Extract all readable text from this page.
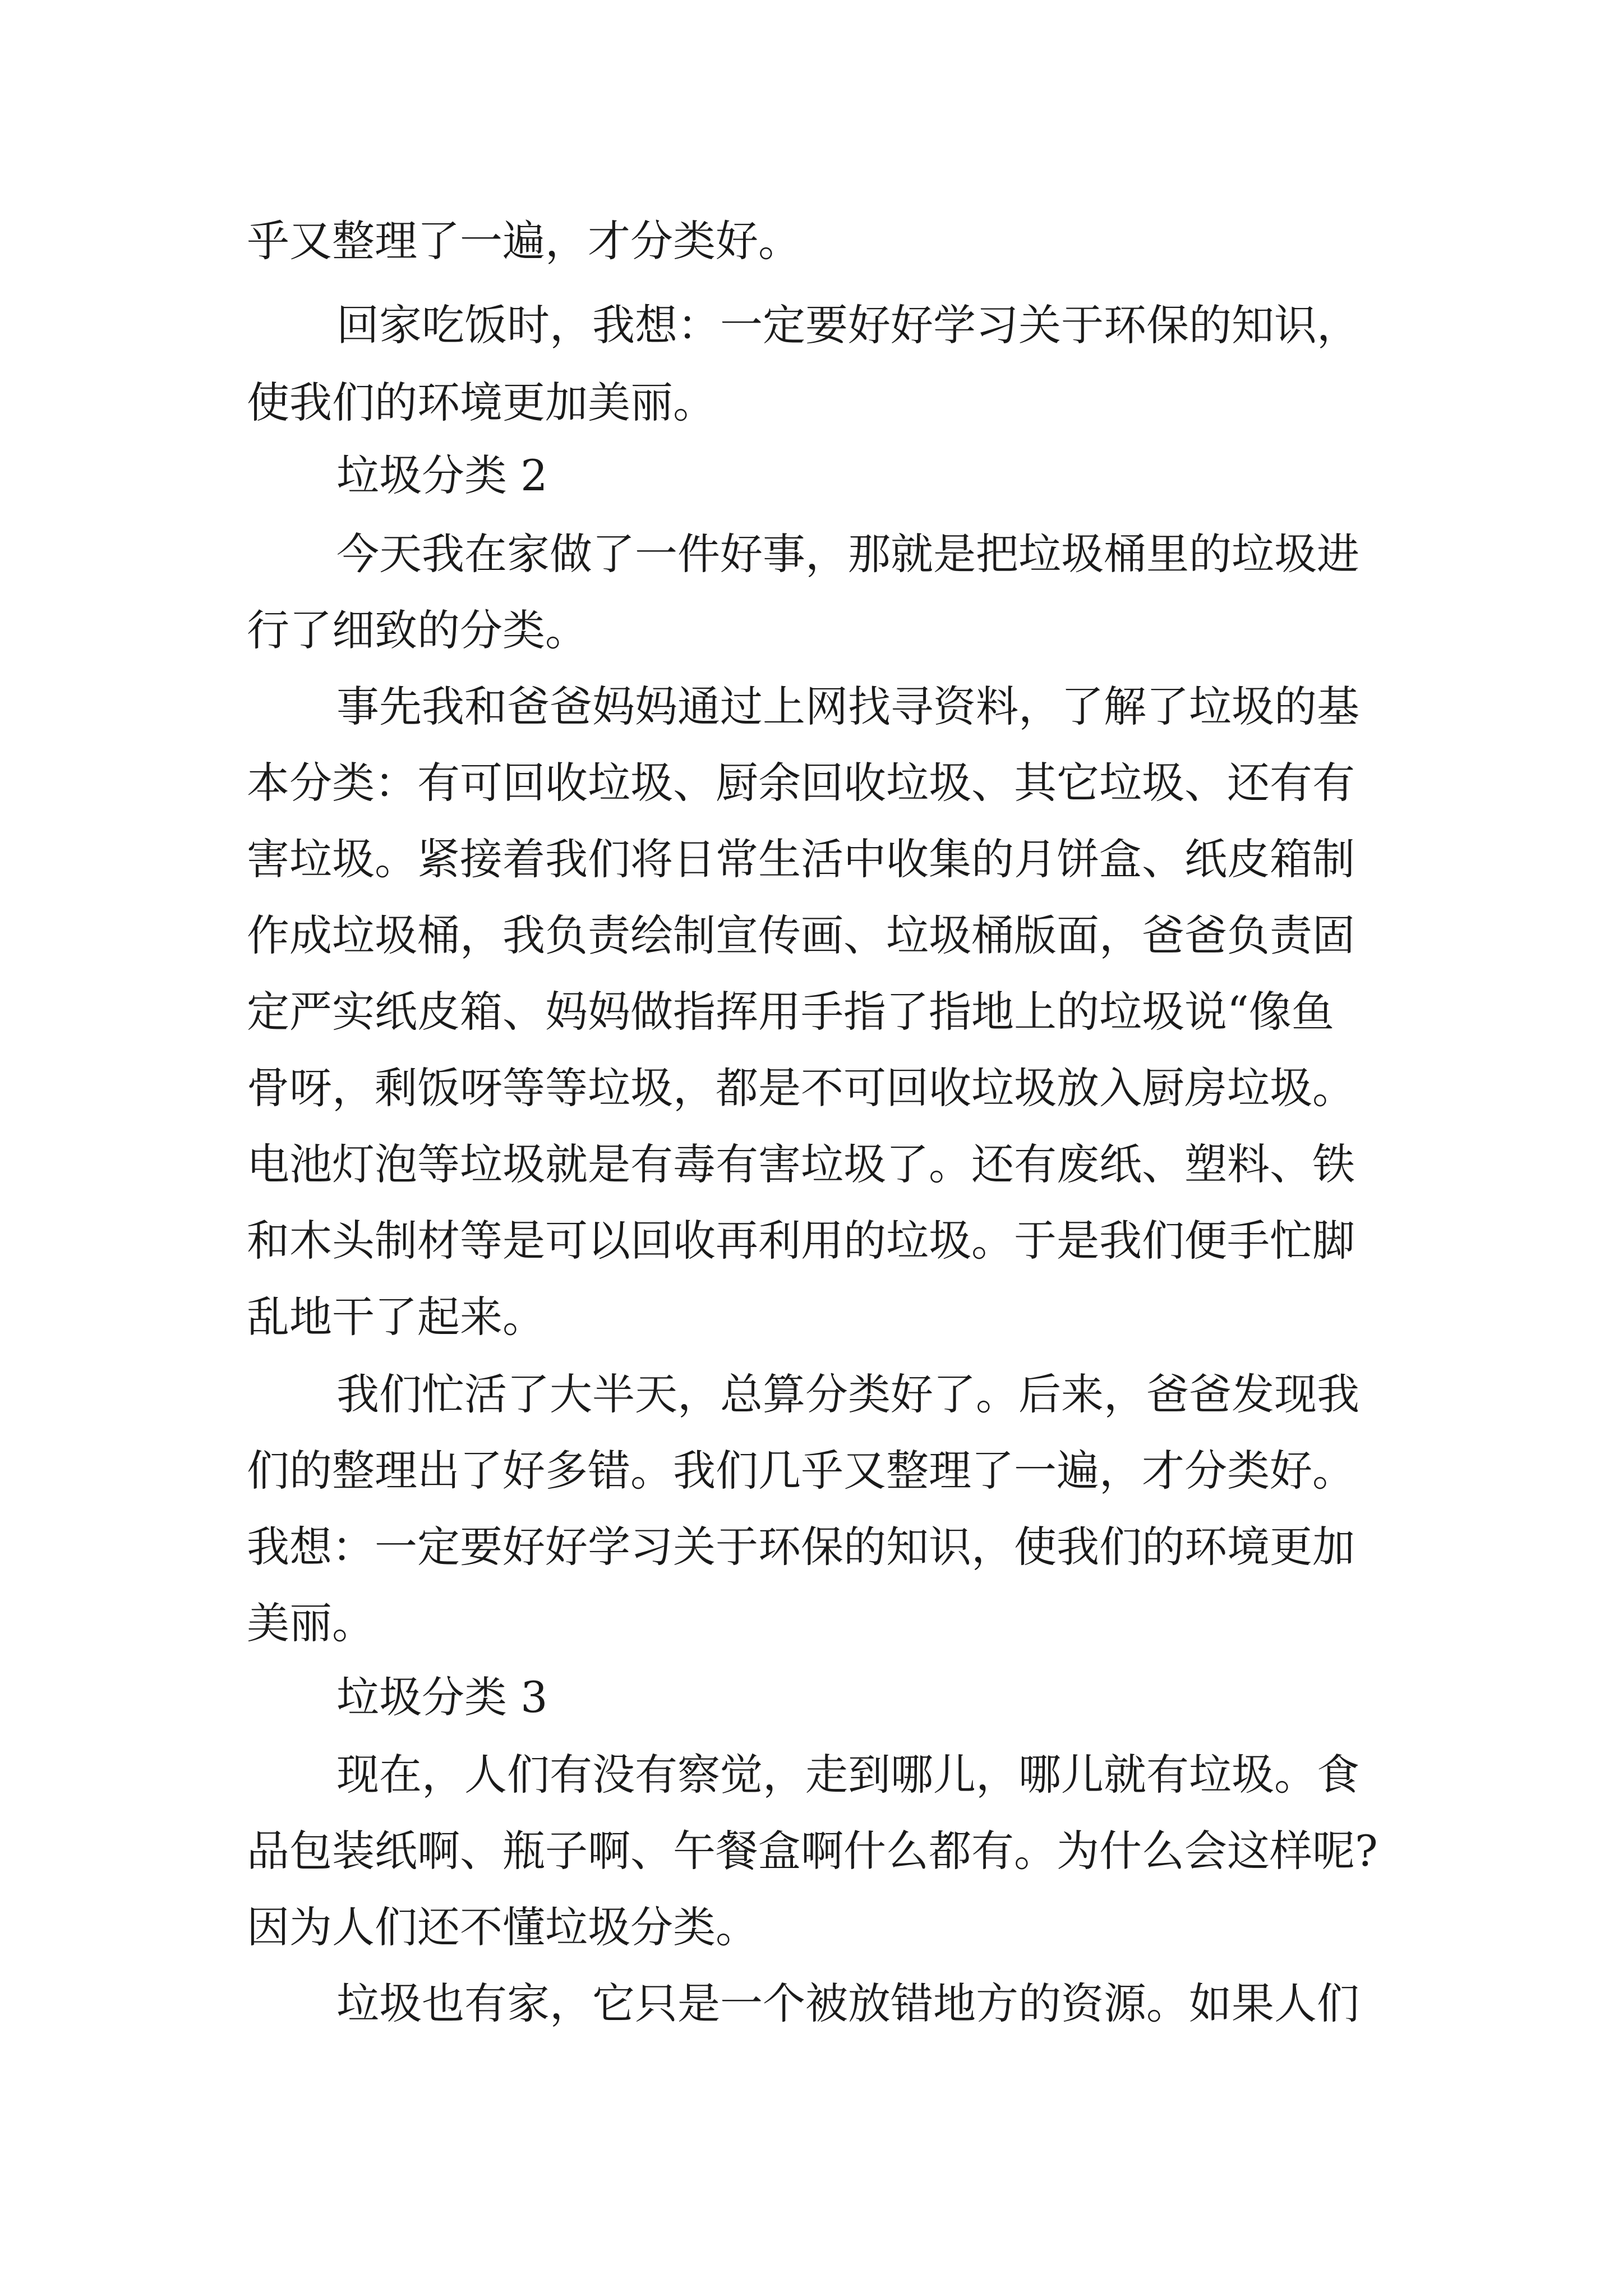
乎又整理了一遍，才分类好。
回家吃饭时，我想：一定要好好学习关于环保的知识，
使我们的环境更加美丽。
垃圾分类 2
今天我在家做了一件好事，那就是把垃圾桶里的垃圾进
行了细致的分类。
事先我和爸爸妈妈通过上网找寻资料，了解了垃圾的基
本分类：有可回收垃圾、厨余回收垃圾、其它垃圾、还有有
害垃圾。紧接着我们将日常生活中收集的月饼盒、纸皮箱制
作成垃圾桶，我负责绘制宣传画、垃圾桶版面，爸爸负责固
定严实纸皮箱、妈妈做指挥用手指了指地上的垃圾说“像鱼
骨呀，剩饭呀等等垃圾，都是不可回收垃圾放入厨房垃圾。
电池灯泡等垃圾就是有毒有害垃圾了。还有废纸、塑料、铁
和木头制材等是可以回收再利用的垃圾。于是我们便手忙脚
乱地干了起来。
我们忙活了大半天，总算分类好了。后来，爸爸发现我
们的整理出了好多错。我们几乎又整理了一遍，才分类好。
我想：一定要好好学习关于环保的知识，使我们的环境更加
美丽。
垃圾分类 3
现在，人们有没有察觉，走到哪儿，哪儿就有垃圾。食
品包装纸啊、瓶子啊、午餐盒啊什么都有。为什么会这样呢?
因为人们还不懂垃圾分类。
垃圾也有家，它只是一个被放错地方的资源。如果人们
